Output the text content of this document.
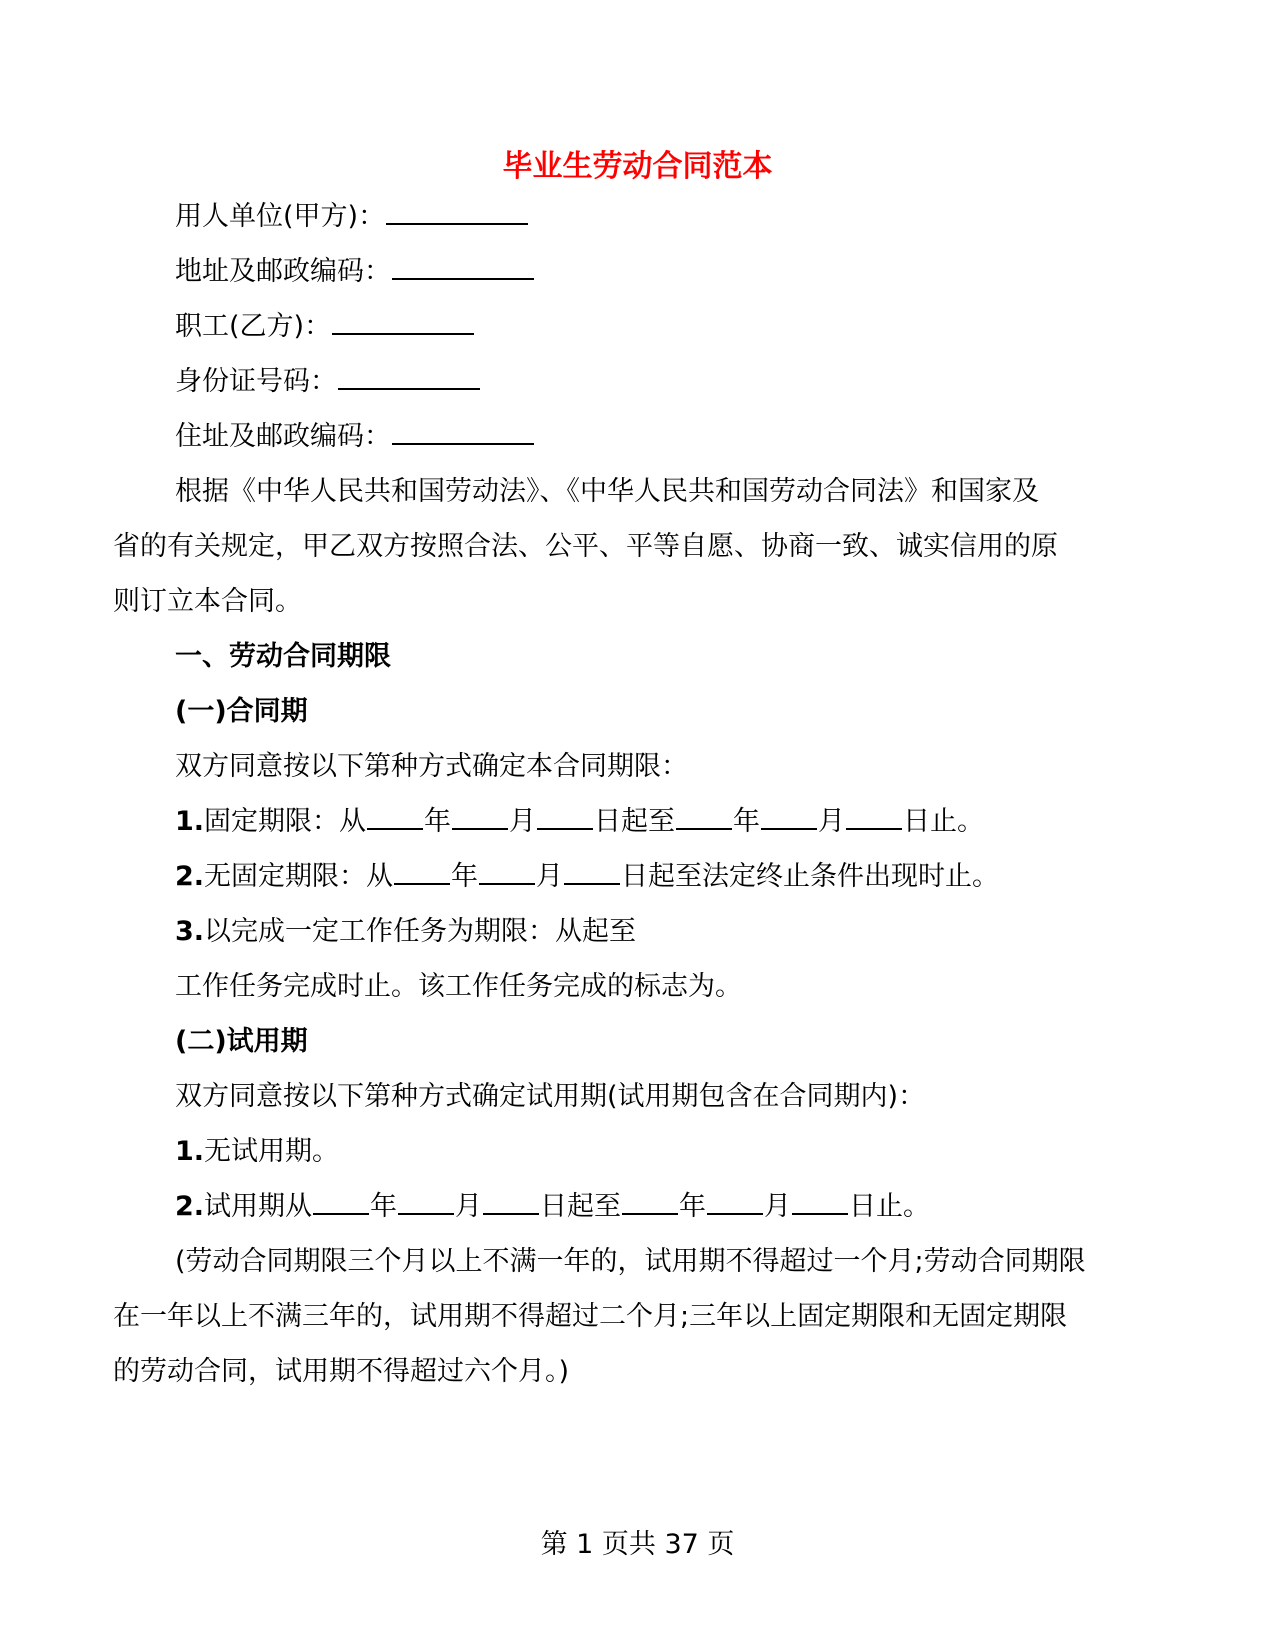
毕业生劳动合同范本

用人单位(甲方)：

地址及邮政编码：

职工(乙方)：

身份证号码：

住址及邮政编码：

根据《中华人民共和国劳动法》、《中华人民共和国劳动合同法》和国家及

省的有关规定，甲乙双方按照合法、公平、平等自愿、协商一致、诚实信用的原

则订立本合同。

一、劳动合同期限

(一)合同期

双方同意按以下第种方式确定本合同期限：

1.固定期限：从 年 月 日起至 年 月 日止。

2.无固定期限：从 年 月 日起至法定终止条件出现时止。

3.以完成一定工作任务为期限：从起至

工作任务完成时止。该工作任务完成的标志为。

(二)试用期

双方同意按以下第种方式确定试用期(试用期包含在合同期内)：

1.无试用期。

2.试用期从 年 月 日起至 年 月 日止。

(劳动合同期限三个月以上不满一年的，试用期不得超过一个月;劳动合同期限

在一年以上不满三年的，试用期不得超过二个月;三年以上固定期限和无固定期限

的劳动合同，试用期不得超过六个月。)

第 1 页共 37 页
